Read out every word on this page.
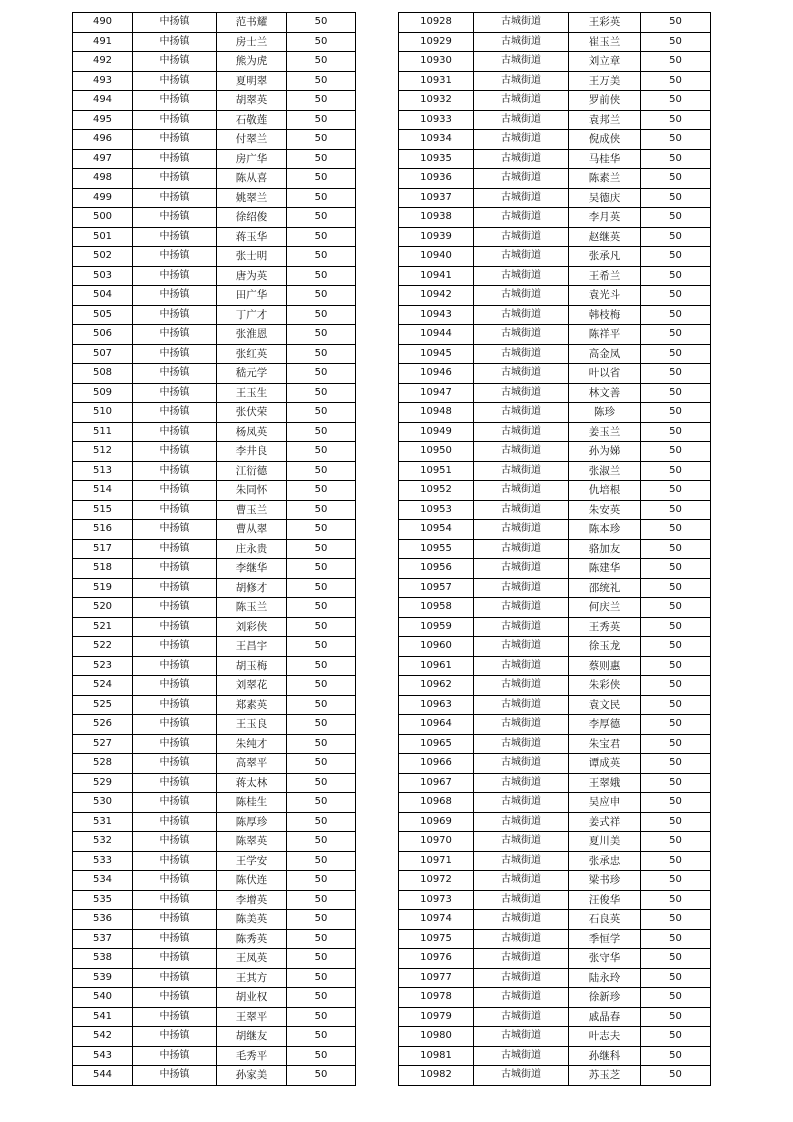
490	中扬镇	范书耀	50
491	中扬镇	房士兰	50
492	中扬镇	熊为虎	50
493	中扬镇	夏明翠	50
494	中扬镇	胡翠英	50
495	中扬镇	石敬莲	50
496	中扬镇	付翠兰	50
497	中扬镇	房广华	50
498	中扬镇	陈从喜	50
499	中扬镇	姚翠兰	50
500	中扬镇	徐绍俊	50
501	中扬镇	蒋玉华	50
502	中扬镇	张士明	50
503	中扬镇	唐为英	50
504	中扬镇	田广华	50
505	中扬镇	丁广才	50
506	中扬镇	张淮恩	50
507	中扬镇	张红英	50
508	中扬镇	嵇元学	50
509	中扬镇	王玉生	50
510	中扬镇	张伏荣	50
511	中扬镇	杨凤英	50
512	中扬镇	李井良	50
513	中扬镇	江衍德	50
514	中扬镇	朱同怀	50
515	中扬镇	曹玉兰	50
516	中扬镇	曹从翠	50
517	中扬镇	庄永贵	50
518	中扬镇	李继华	50
519	中扬镇	胡修才	50
520	中扬镇	陈玉兰	50
521	中扬镇	刘彩侠	50
522	中扬镇	王昌宇	50
523	中扬镇	胡玉梅	50
524	中扬镇	刘翠花	50
525	中扬镇	郑素英	50
526	中扬镇	王玉良	50
527	中扬镇	朱纯才	50
528	中扬镇	高翠平	50
529	中扬镇	蒋太林	50
530	中扬镇	陈桂生	50
531	中扬镇	陈厚珍	50
532	中扬镇	陈翠英	50
533	中扬镇	王学安	50
534	中扬镇	陈伏连	50
535	中扬镇	李增英	50
536	中扬镇	陈美英	50
537	中扬镇	陈秀英	50
538	中扬镇	王凤英	50
539	中扬镇	王其方	50
540	中扬镇	胡业权	50
541	中扬镇	王翠平	50
542	中扬镇	胡继友	50
543	中扬镇	毛秀平	50
544	中扬镇	孙家美	50
10928	古城街道	王彩英	50
10929	古城街道	崔玉兰	50
10930	古城街道	刘立章	50
10931	古城街道	王万美	50
10932	古城街道	罗前侠	50
10933	古城街道	袁邦兰	50
10934	古城街道	倪成侠	50
10935	古城街道	马桂华	50
10936	古城街道	陈素兰	50
10937	古城街道	吴德庆	50
10938	古城街道	李月英	50
10939	古城街道	赵继英	50
10940	古城街道	张承凡	50
10941	古城街道	王希兰	50
10942	古城街道	袁光斗	50
10943	古城街道	韩枝梅	50
10944	古城街道	陈祥平	50
10945	古城街道	高金凤	50
10946	古城街道	叶以省	50
10947	古城街道	林文善	50
10948	古城街道	陈珍	50
10949	古城街道	姜玉兰	50
10950	古城街道	孙为娣	50
10951	古城街道	张淑兰	50
10952	古城街道	仇培根	50
10953	古城街道	朱安英	50
10954	古城街道	陈本珍	50
10955	古城街道	骆加友	50
10956	古城街道	陈建华	50
10957	古城街道	邵统礼	50
10958	古城街道	何庆兰	50
10959	古城街道	王秀英	50
10960	古城街道	徐玉龙	50
10961	古城街道	蔡则惠	50
10962	古城街道	朱彩侠	50
10963	古城街道	袁文民	50
10964	古城街道	李厚德	50
10965	古城街道	朱宝君	50
10966	古城街道	谭成英	50
10967	古城街道	王翠娥	50
10968	古城街道	吴应申	50
10969	古城街道	姜式祥	50
10970	古城街道	夏川美	50
10971	古城街道	张承忠	50
10972	古城街道	梁书珍	50
10973	古城街道	汪俊华	50
10974	古城街道	石良英	50
10975	古城街道	季恒学	50
10976	古城街道	张守华	50
10977	古城街道	陆永玲	50
10978	古城街道	徐新珍	50
10979	古城街道	戚晶春	50
10980	古城街道	叶志夫	50
10981	古城街道	孙继科	50
10982	古城街道	苏玉芝	50
